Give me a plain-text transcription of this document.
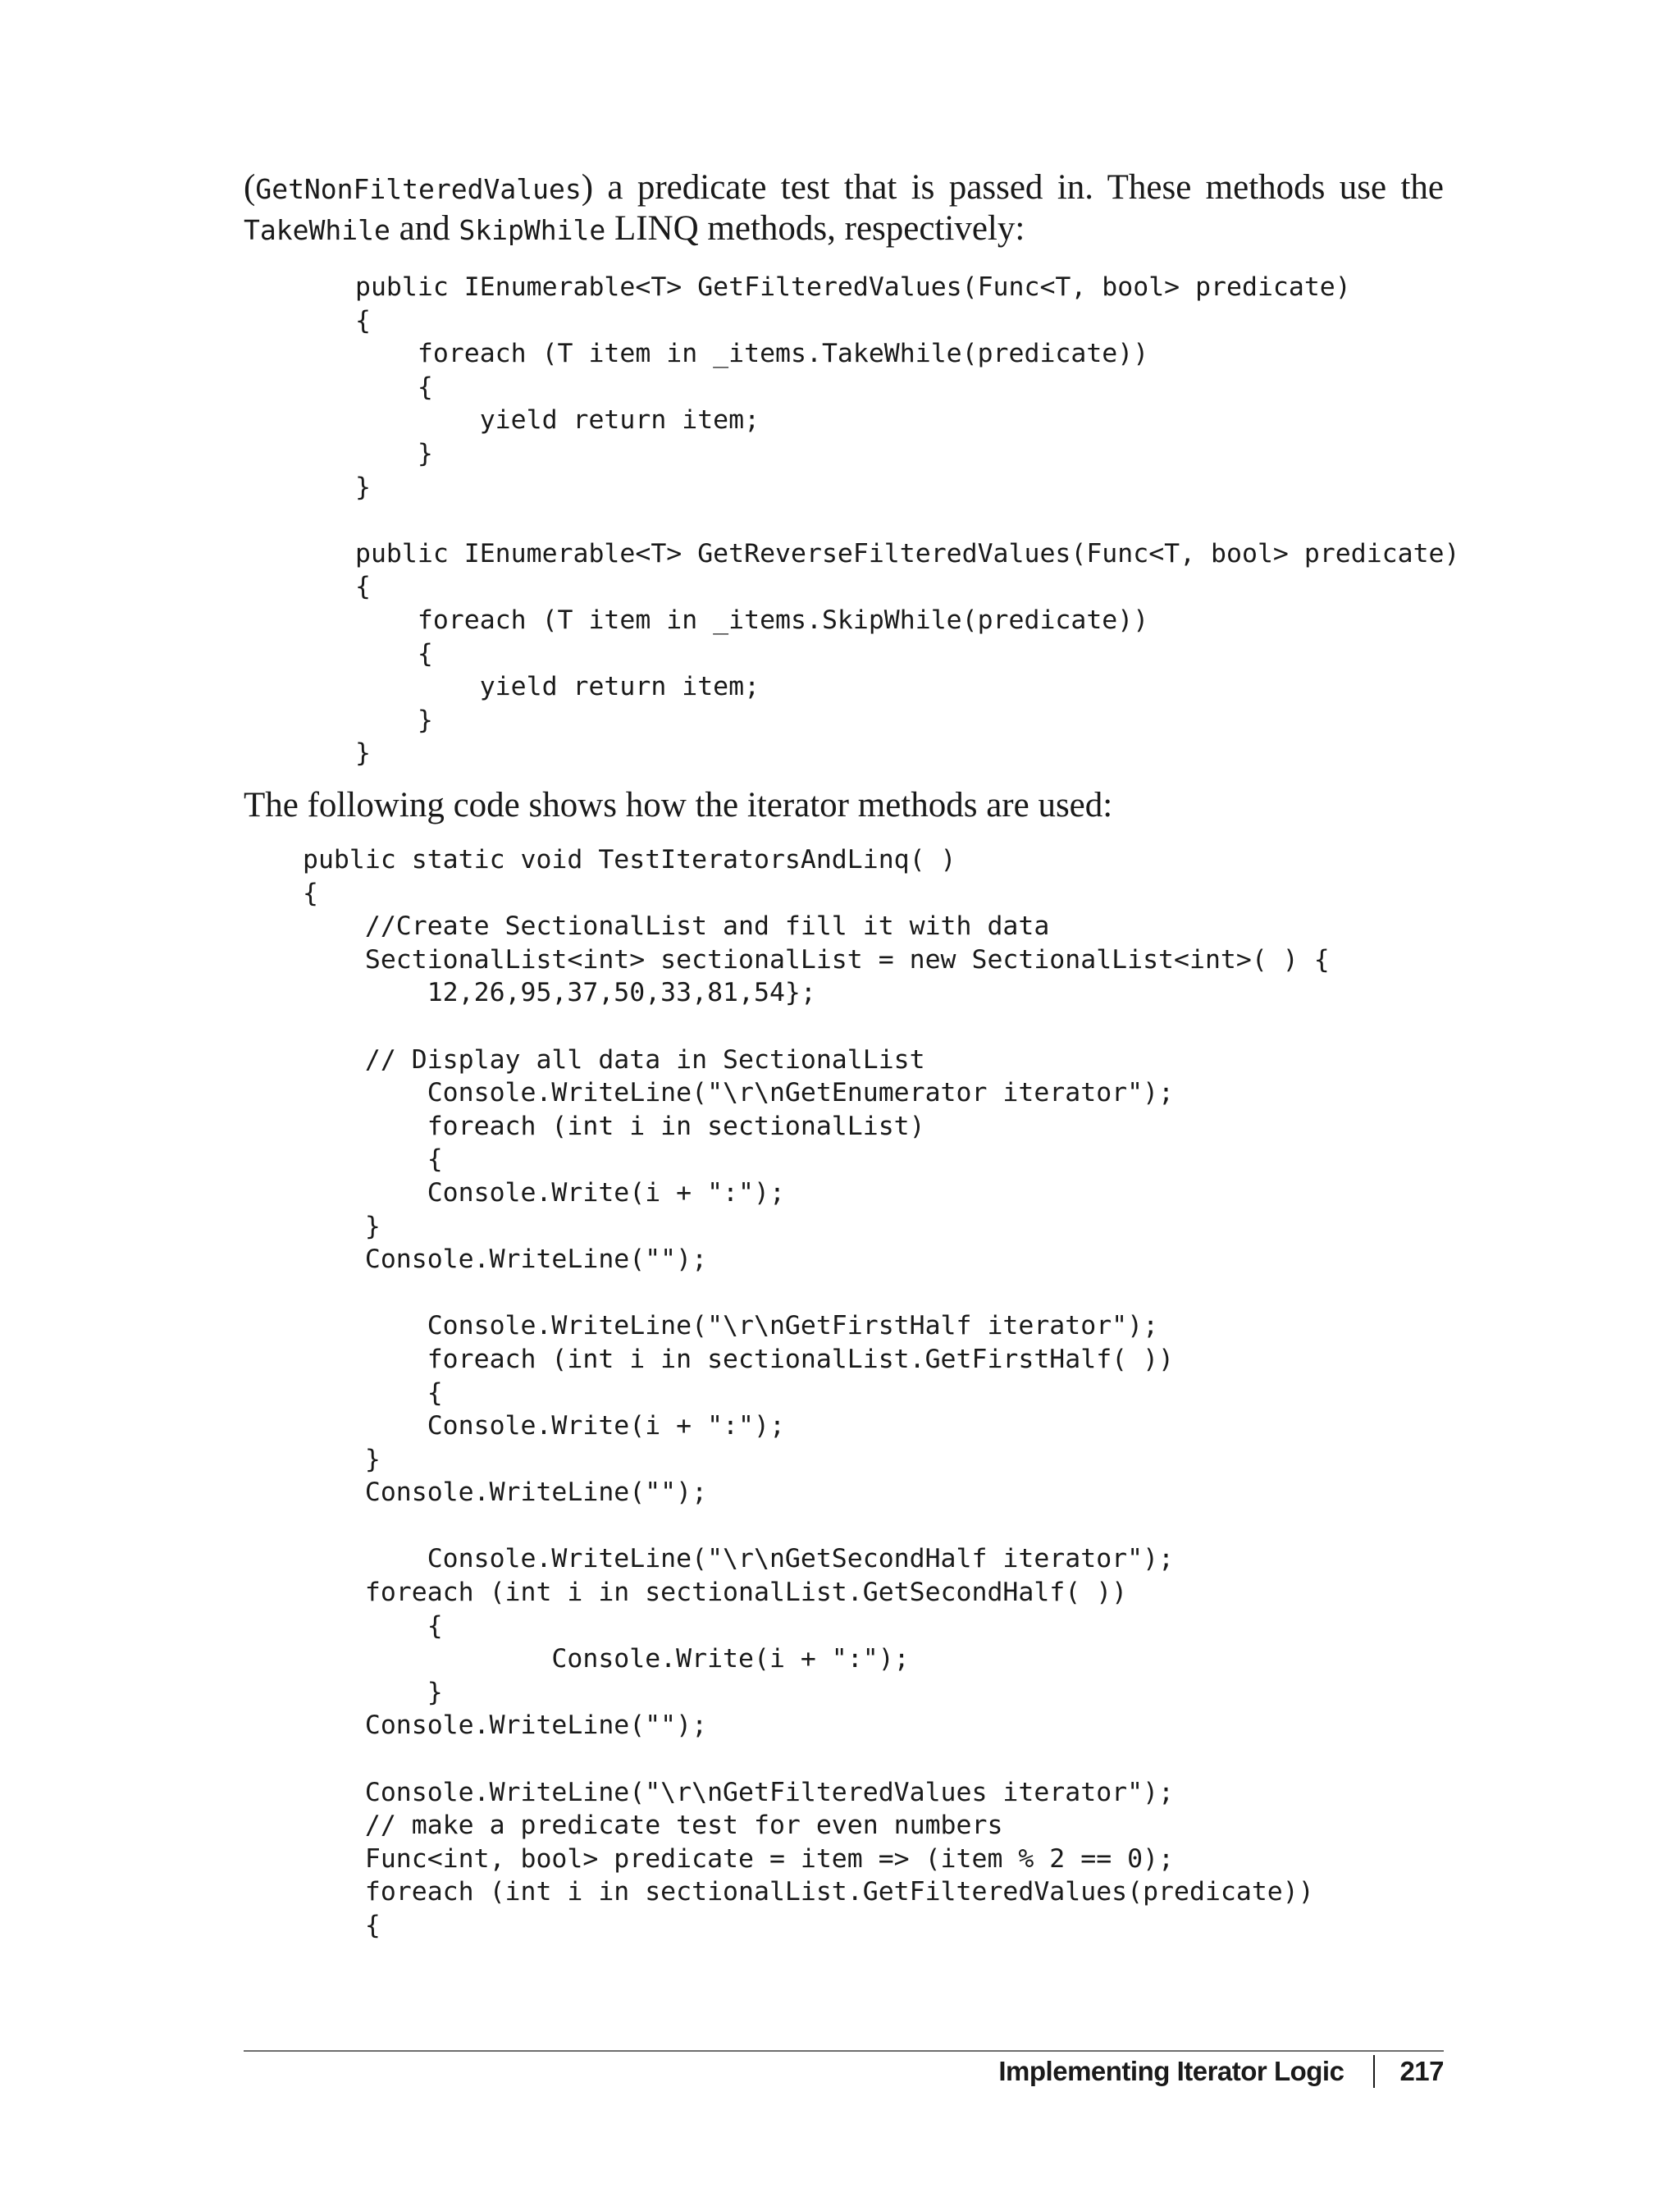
(GetNonFilteredValues) a predicate test that is passed in. These methods use the TakeWhile and SkipWhile LINQ methods, respectively:

public IEnumerable<T> GetFilteredValues(Func<T, bool> predicate)
{
foreach (T item in _items.TakeWhile(predicate))
{
yield return item;
}
}

public IEnumerable<T> GetReverseFilteredValues(Func<T, bool> predicate)
{
foreach (T item in _items.SkipWhile(predicate))
{
yield return item;
}
}

The following code shows how the iterator methods are used:

public static void TestIteratorsAndLinq( )
{
//Create SectionalList and fill it with data
SectionalList<int> sectionalList = new SectionalList<int>( ) {
12,26,95,37,50,33,81,54};

// Display all data in SectionalList
Console.WriteLine("\r\nGetEnumerator iterator");
foreach (int i in sectionalList)
{
Console.Write(i + ":");
}
Console.WriteLine("");

Console.WriteLine("\r\nGetFirstHalf iterator");
foreach (int i in sectionalList.GetFirstHalf( ))
{
Console.Write(i + ":");
}
Console.WriteLine("");

Console.WriteLine("\r\nGetSecondHalf iterator");
foreach (int i in sectionalList.GetSecondHalf( ))
{
Console.Write(i + ":");
}
Console.WriteLine("");

Console.WriteLine("\r\nGetFilteredValues iterator");
// make a predicate test for even numbers
Func<int, bool> predicate = item => (item % 2 == 0);
foreach (int i in sectionalList.GetFilteredValues(predicate))
{
Implementing Iterator Logic 217
